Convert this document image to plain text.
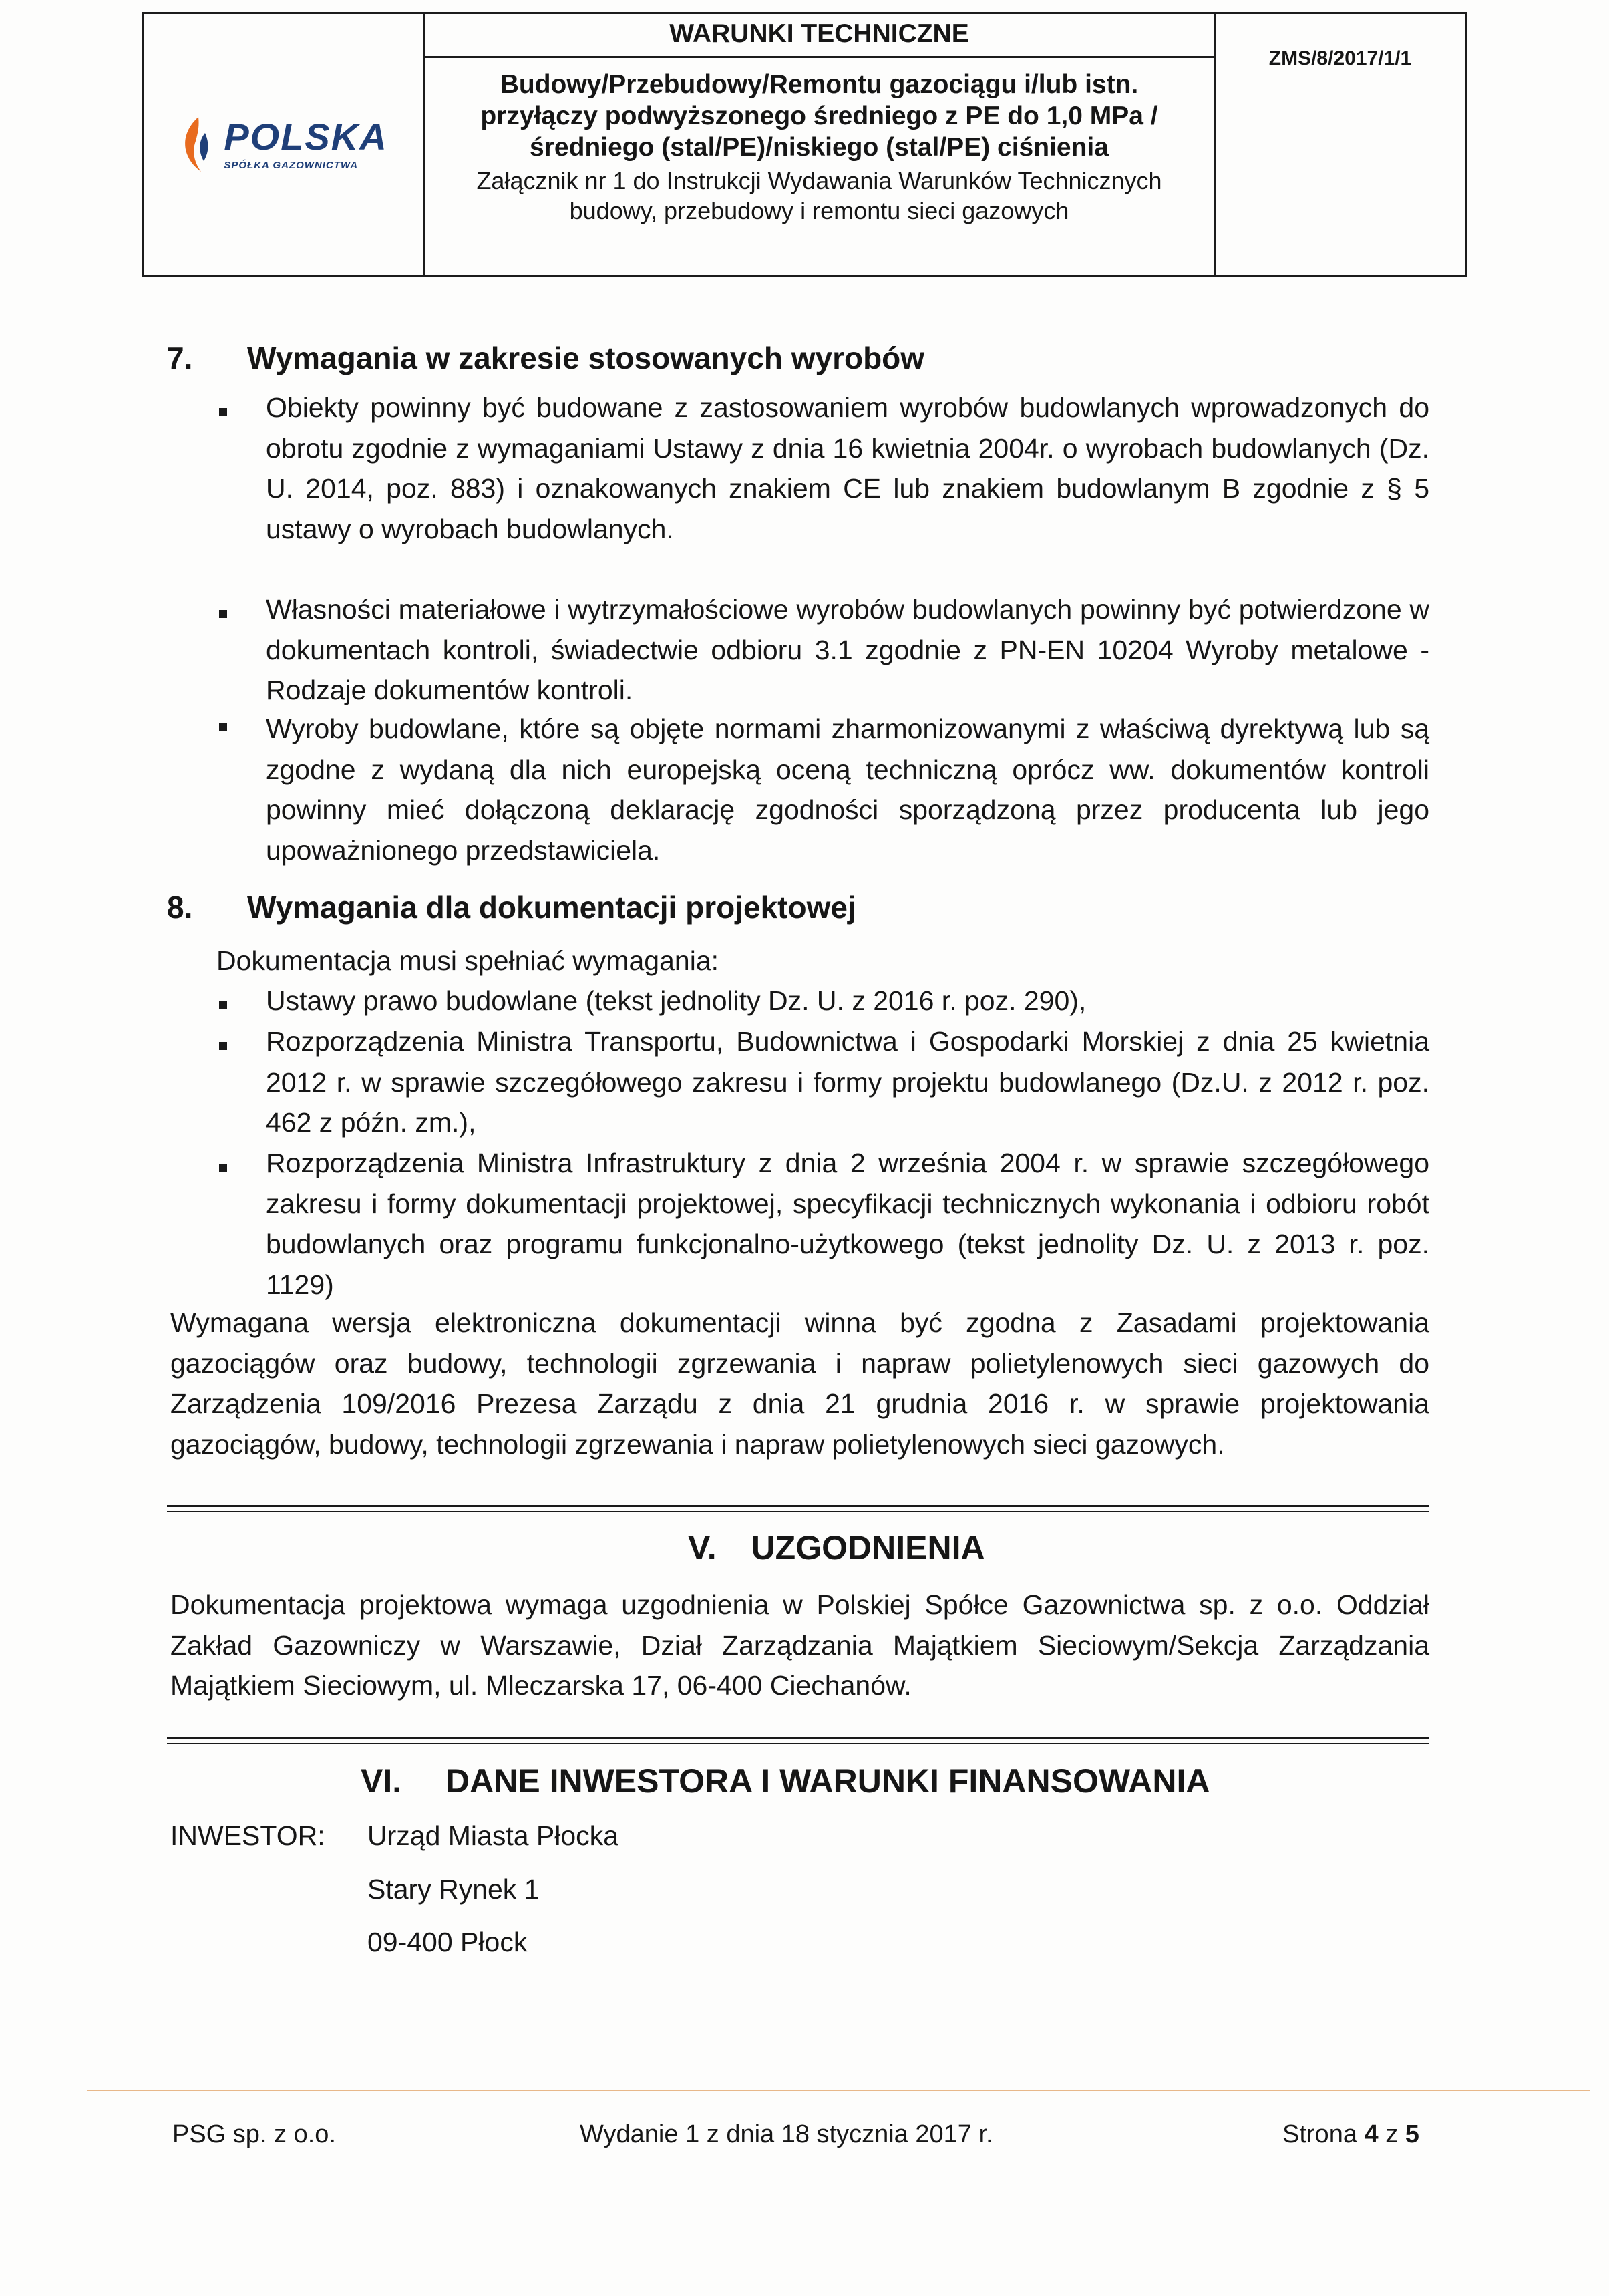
POLSKA
SPÓŁKA GAZOWNICTWA
WARUNKI TECHNICZNE
Budowy/Przebudowy/Remontu gazociągu i/lub istn. przyłączy podwyższonego średniego z PE do 1,0 MPa /średniego (stal/PE)/niskiego (stal/PE) ciśnienia
Załącznik nr 1 do Instrukcji Wydawania Warunków Technicznych budowy, przebudowy i remontu sieci gazowych
ZMS/8/2017/1/1
7. Wymagania w zakresie stosowanych wyrobów
Obiekty powinny być budowane z zastosowaniem wyrobów budowlanych wprowadzonych do obrotu zgodnie z wymaganiami Ustawy z dnia 16 kwietnia 2004r. o wyrobach budowlanych (Dz. U. 2014, poz. 883) i oznakowanych znakiem CE lub znakiem budowlanym B zgodnie z § 5 ustawy o wyrobach budowlanych.
Własności materiałowe i wytrzymałościowe wyrobów budowlanych powinny być potwierdzone w dokumentach kontroli, świadectwie odbioru 3.1 zgodnie z PN-EN 10204 Wyroby metalowe - Rodzaje dokumentów kontroli.
Wyroby budowlane, które są objęte normami zharmonizowanymi z właściwą dyrektywą lub są zgodne z wydaną dla nich europejską oceną techniczną oprócz ww. dokumentów kontroli powinny mieć dołączoną deklarację zgodności sporządzoną przez producenta lub jego upoważnionego przedstawiciela.
8. Wymagania dla dokumentacji projektowej
Dokumentacja musi spełniać wymagania:
Ustawy prawo budowlane (tekst jednolity Dz. U. z 2016 r. poz. 290),
Rozporządzenia Ministra Transportu, Budownictwa i Gospodarki Morskiej z dnia 25 kwietnia 2012 r. w sprawie szczegółowego zakresu i formy projektu budowlanego (Dz.U. z 2012 r. poz. 462 z późn. zm.),
Rozporządzenia Ministra Infrastruktury z dnia 2 września 2004 r. w sprawie szczegółowego zakresu i formy dokumentacji projektowej, specyfikacji technicznych wykonania i odbioru robót budowlanych oraz programu funkcjonalno-użytkowego (tekst jednolity Dz. U. z 2013 r. poz. 1129)
Wymagana wersja elektroniczna dokumentacji winna być zgodna z Zasadami projektowania gazociągów oraz budowy, technologii zgrzewania i napraw polietylenowych sieci gazowych do Zarządzenia 109/2016 Prezesa Zarządu z dnia 21 grudnia 2016 r. w sprawie projektowania gazociągów, budowy, technologii zgrzewania i napraw polietylenowych sieci gazowych.
V. UZGODNIENIA
Dokumentacja projektowa wymaga uzgodnienia w Polskiej Spółce Gazownictwa sp. z o.o. Oddział Zakład Gazowniczy w Warszawie, Dział Zarządzania Majątkiem Sieciowym/Sekcja Zarządzania Majątkiem Sieciowym, ul. Mleczarska 17, 06-400 Ciechanów.
VI. DANE INWESTORA I WARUNKI FINANSOWANIA
INWESTOR:	Urząd Miasta Płocka
Stary Rynek 1
09-400 Płock
PSG sp. z o.o.	Wydanie 1 z dnia 18 stycznia 2017 r.	Strona 4 z 5
